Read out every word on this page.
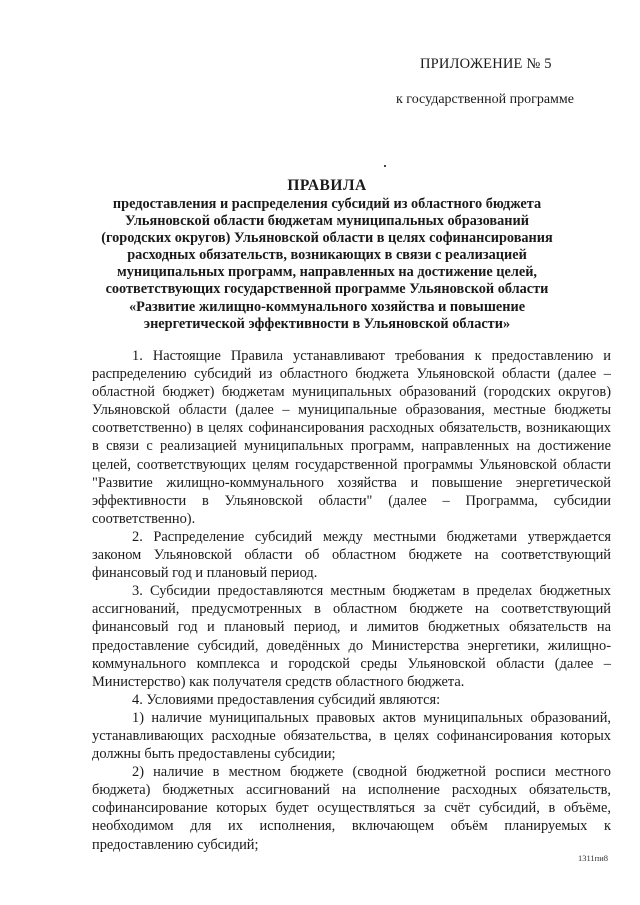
ПРИЛОЖЕНИЕ № 5
к государственной программе
ПРАВИЛА
предоставления и распределения субсидий из областного бюджета Ульяновской области бюджетам муниципальных образований (городских округов) Ульяновской области в целях софинансирования расходных обязательств, возникающих в связи с реализацией муниципальных программ, направленных на достижение целей, соответствующих государственной программе Ульяновской области «Развитие жилищно-коммунального хозяйства и повышение энергетической эффективности в Ульяновской области»

1. Настоящие Правила устанавливают требования к предоставлению и распределению субсидий из областного бюджета Ульяновской области (далее – областной бюджет) бюджетам муниципальных образований (городских округов) Ульяновской области (далее – муниципальные образования, местные бюджеты соответственно) в целях софинансирования расходных обязательств, возникающих в связи с реализацией муниципальных программ, направленных на достижение целей, соответствующих целям государственной программы Ульяновской области "Развитие жилищно-коммунального хозяйства и повышение энергетической эффективности в Ульяновской области" (далее – Программа, субсидии соответственно).

2. Распределение субсидий между местными бюджетами утверждается законом Ульяновской области об областном бюджете на соответствующий финансовый год и плановый период.

3. Субсидии предоставляются местным бюджетам в пределах бюджетных ассигнований, предусмотренных в областном бюджете на соответствующий финансовый год и плановый период, и лимитов бюджетных обязательств на предоставление субсидий, доведённых до Министерства энергетики, жилищно-коммунального комплекса и городской среды Ульяновской области (далее – Министерство) как получателя средств областного бюджета.

4. Условиями предоставления субсидий являются:

1) наличие муниципальных правовых актов муниципальных образований, устанавливающих расходные обязательства, в целях софинансирования которых должны быть предоставлены субсидии;

2) наличие в местном бюджете (сводной бюджетной росписи местного бюджета) бюджетных ассигнований на исполнение расходных обязательств, софинансирование которых будет осуществляться за счёт субсидий, в объёме, необходимом для их исполнения, включающем объём планируемых к предоставлению субсидий;

1311пи8
